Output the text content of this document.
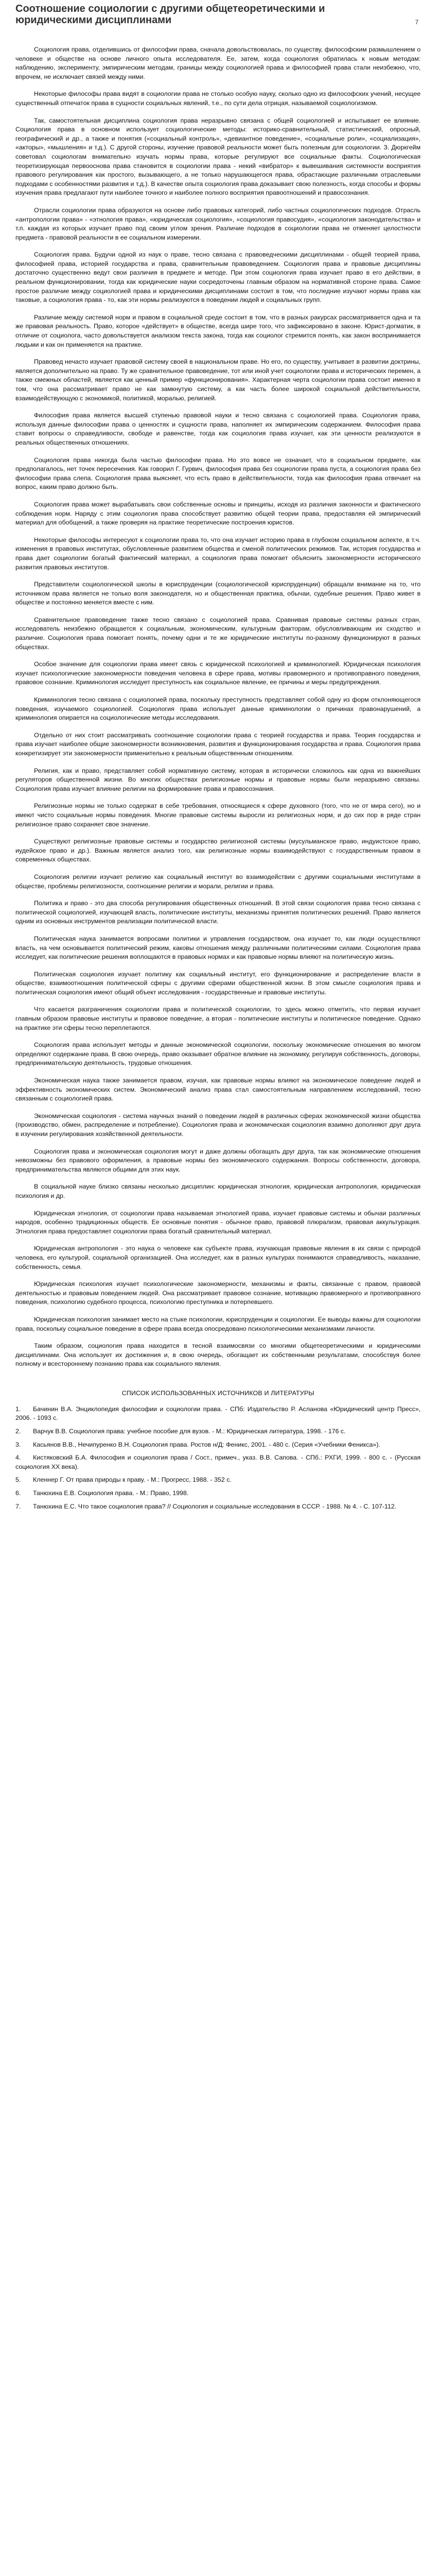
Соотношение социологии с другими общетеоретическими и юридическими дисциплинами	7

Социология права, отделившись от философии права, сначала довольствовалась, по существу, философским размышлением о человеке и обществе на основе личного опыта исследователя. Ее, затем, когда социология обратилась к новым методам: наблюдению, эксперименту, эмпирическим методам, границы между социологией права и философией права стали неизбежно, что, впрочем, не исключает связей между ними.

Некоторые философы права видят в социологии права не столько особую науку, сколько одно из философских учений, несущее существенный отпечаток права в сущности социальных явлений, т.е., по сути дела отрицая, называемой социологизмом.

Так, самостоятельная дисциплина социология права неразрывно связана с общей социологией и испытывает ее влияние. Социология права в основном использует социологические методы: историко-сравнительный, статистический, опросный, географический и др., а также и понятия («социальный контроль», «девиантное поведение», «социальные роли», «социализация», «акторы», «мышления» и т.д.). С другой стороны, изучение правовой реальности может быть полезным для социологии. З. Дюркгейм советовал социологам внимательно изучать нормы права, которые регулируют все социальные факты. Социологическая теоретизирующая первооснова права становится в социологии права - некий «вибратор» к вывешивания системности восприятия правового регулирования как простого, вызывающего, а не только нарушающегося права, обрастающие различными отраслевыми подходами с особенностями развития и т.д.). В качестве опыта социология права доказывает свою полезность, когда способы и формы изучения права предлагают пути наиболее точного и наиболее полного восприятия правоотношений и правосознания.

Отрасли социологии права образуются на основе либо правовых категорий, либо частных социологических подходов. Отрасль «антропологии права» - «этнология права», «юридическая социология», «социология правосудия», «социология законодательства» и т.п. каждая из которых изучает право под своим углом зрения. Различие подходов в социологии права не отменяет целостности предмета - правовой реальности в ее социальном измерении.

Социология права. Будучи одной из наук о праве, тесно связана с правоведческими дисциплинами - общей теорией права, философией права, историей государства и права, сравнительным правоведением. Социология права и правовые дисциплины достаточно существенно ведут свои различия в предмете и методе. При этом социология права изучает право в его действии, в реальном функционировании, тогда как юридические науки сосредоточены главным образом на нормативной стороне права. Самое простое различие между социологией права и юридическими дисциплинами состоит в том, что последние изучают нормы права как таковые, а социология права - то, как эти нормы реализуются в поведении людей и социальных групп.

Различие между системой норм и правом в социальной среде состоит в том, что в разных ракурсах рассматривается одна и та же правовая реальность. Право, которое «действует» в обществе, всегда шире того, что зафиксировано в законе. Юрист-догматик, в отличие от социолога, часто довольствуется анализом текста закона, тогда как социолог стремится понять, как закон воспринимается людьми и как он применяется на практике.

Правовед нечасто изучает правовой систему своей в национальном праве. Но его, по существу, учитывает в развитии доктрины, является дополнительно на право. Ту же сравнительное правоведение, тот или иной учет социологии права и исторических перемен, а также смежных областей, является как ценный пример «функционирования». Характерная черта социологии права состоит именно в том, что она рассматривает право не как замкнутую систему, а как часть более широкой социальной действительности, взаимодействующую с экономикой, политикой, моралью, религией.

Философия права является высшей ступенью правовой науки и тесно связана с социологией права. Социология права, используя данные философии права о ценностях и сущности права, наполняет их эмпирическим содержанием. Философия права ставит вопросы о справедливости, свободе и равенстве, тогда как социология права изучает, как эти ценности реализуются в реальных общественных отношениях.

Социология права никогда была частью философии права. Но это вовсе не означает, что в социальном предмете, как предполагалось, нет точек пересечения. Как говорил Г. Гурвич, философия права без социологии права пуста, а социология права без философии права слепа. Социология права выясняет, что есть право в действительности, тогда как философия права отвечает на вопрос, каким право должно быть.

Социология права может вырабатывать свои собственные основы и принципы, исходя из различия законности и фактического соблюдения норм. Наряду с этим социология права способствует развитию общей теории права, предоставляя ей эмпирический материал для обобщений, а также проверяя на практике теоретические построения юристов.

Некоторые философы интересуют к социологии права то, что она изучает историю права в глубоком социальном аспекте, в т.ч. изменения в правовых институтах, обусловленные развитием общества и сменой политических режимов. Так, история государства и права дает социологии богатый фактический материал, а социология права помогает объяснить закономерности исторического развития правовых институтов.

Представители социологической школы в юриспруденции (социологической юриспруденции) обращали внимание на то, что источником права является не только воля законодателя, но и общественная практика, обычаи, судебные решения. Право живет в обществе и постоянно меняется вместе с ним.

Сравнительное правоведение также тесно связано с социологией права. Сравнивая правовые системы разных стран, исследователь неизбежно обращается к социальным, экономическим, культурным факторам, обусловливающим их сходство и различие. Социология права помогает понять, почему одни и те же юридические институты по-разному функционируют в разных обществах.

Особое значение для социологии права имеет связь с юридической психологией и криминологией. Юридическая психология изучает психологические закономерности поведения человека в сфере права, мотивы правомерного и противоправного поведения, правовое сознание. Криминология исследует преступность как социальное явление, ее причины и меры предупреждения.

Криминология тесно связана с социологией права, поскольку преступность представляет собой одну из форм отклоняющегося поведения, изучаемого социологией. Социология права использует данные криминологии о причинах правонарушений, а криминология опирается на социологические методы исследования.

Отдельно от них стоит рассматривать соотношение социологии права с теорией государства и права. Теория государства и права изучает наиболее общие закономерности возникновения, развития и функционирования государства и права. Социология права конкретизирует эти закономерности применительно к реальным общественным отношениям.

Религия, как и право, представляет собой нормативную систему, которая в исторически сложилось как одна из важнейших регуляторов общественной жизни. Во многих обществах религиозные нормы и правовые нормы были неразрывно связаны. Социология права изучает влияние религии на формирование права и правосознания.

Религиозные нормы не только содержат в себе требования, относящиеся к сфере духовного (того, что не от мира сего), но и имеют чисто социальные нормы поведения. Многие правовые системы выросли из религиозных норм, и до сих пор в ряде стран религиозное право сохраняет свое значение.

Существуют религиозные правовые системы и государство религиозной системы (мусульманское право, индуистское право, иудейское право и др.). Важным является анализ того, как религиозные нормы взаимодействуют с государственным правом в современных обществах.

Социология религии изучает религию как социальный институт во взаимодействии с другими социальными институтами в обществе, проблемы религиозности, соотношение религии и морали, религии и права.

Политика и право - это два способа регулирования общественных отношений. В этой связи социология права тесно связана с политической социологией, изучающей власть, политические институты, механизмы принятия политических решений. Право является одним из основных инструментов реализации политической власти.

Политическая наука занимается вопросами политики и управления государством, она изучает то, как люди осуществляют власть, на чем основывается политический режим, каковы отношения между различными политическими силами. Социология права исследует, как политические решения воплощаются в правовых нормах и как правовые нормы влияют на политическую жизнь.

Политическая социология изучает политику как социальный институт, его функционирование и распределение власти в обществе, взаимоотношения политической сферы с другими сферами общественной жизни. В этом смысле социология права и политическая социология имеют общий объект исследования - государственные и правовые институты.

Что касается разграничения социологии права и политической социологии, то здесь можно отметить, что первая изучает главным образом правовые институты и правовое поведение, а вторая - политические институты и политическое поведение. Однако на практике эти сферы тесно переплетаются.

Социология права использует методы и данные экономической социологии, поскольку экономические отношения во многом определяют содержание права. В свою очередь, право оказывает обратное влияние на экономику, регулируя собственность, договоры, предпринимательскую деятельность, трудовые отношения.

Экономическая наука также занимается правом, изучая, как правовые нормы влияют на экономическое поведение людей и эффективность экономических систем. Экономический анализ права стал самостоятельным направлением исследований, тесно связанным с социологией права.

Экономическая социология - система научных знаний о поведении людей в различных сферах экономической жизни общества (производство, обмен, распределение и потребление). Социология права и экономическая социология взаимно дополняют друг друга в изучении регулирования хозяйственной деятельности.

Социология права и экономическая социология могут и даже должны обогащать друг друга, так как экономические отношения невозможны без правового оформления, а правовые нормы без экономического содержания. Вопросы собственности, договора, предпринимательства являются общими для этих наук.

В социальной науке близко связаны несколько дисциплин: юридическая этнология, юридическая антропология, юридическая психология и др.

Юридическая этнология, от социологии права называемая этнологией права, изучает правовые системы и обычаи различных народов, особенно традиционных обществ. Ее основные понятия - обычное право, правовой плюрализм, правовая аккультурация. Этнология права предоставляет социологии права богатый сравнительный материал.

Юридическая антропология - это наука о человеке как субъекте права, изучающая правовые явления в их связи с природой человека, его культурой, социальной организацией. Она исследует, как в разных культурах понимаются справедливость, наказание, собственность, семья.

Юридическая психология изучает психологические закономерности, механизмы и факты, связанные с правом, правовой деятельностью и правовым поведением людей. Она рассматривает правовое сознание, мотивацию правомерного и противоправного поведения, психологию судебного процесса, психологию преступника и потерпевшего.

Юридическая психология занимает место на стыке психологии, юриспруденции и социологии. Ее выводы важны для социологии права, поскольку социальное поведение в сфере права всегда опосредовано психологическими механизмами личности.

Таким образом, социология права находится в тесной взаимосвязи со многими общетеоретическими и юридическими дисциплинами. Она использует их достижения и, в свою очередь, обогащает их собственными результатами, способствуя более полному и всестороннему познанию права как социального явления.

СПИСОК ИСПОЛЬЗОВАННЫХ ИСТОЧНИКОВ И ЛИТЕРАТУРЫ
1. Бачинин В.А. Энциклопедия философии и социологии права. - СПб: Издательство Р. Асланова «Юридический центр Пресс», 2006. - 1093 с.
2. Варчук В.В. Социология права: учебное пособие для вузов. - М.: Юридическая литература, 1998. - 176 с.
3. Касьянов В.В., Нечипуренко В.Н. Социология права. Ростов н/Д: Феникс, 2001. - 480 с. (Серия «Учебники Феникса»).
4. Кистяковский Б.А. Философия и социология права / Сост., примеч., указ. В.В. Сапова. - СПб.: РХГИ, 1999. - 800 с. - (Русская социология XX века).
5. Кленнер Г. От права природы к праву. - М.: Прогресс, 1988. - 352 с.
6. Танюхина Е.В. Социология права. - М.: Право, 1998.
7. Танюхина Е.С. Что такое социология права? // Социология и социальные исследования в СССР. - 1988. № 4. - С. 107-112.
